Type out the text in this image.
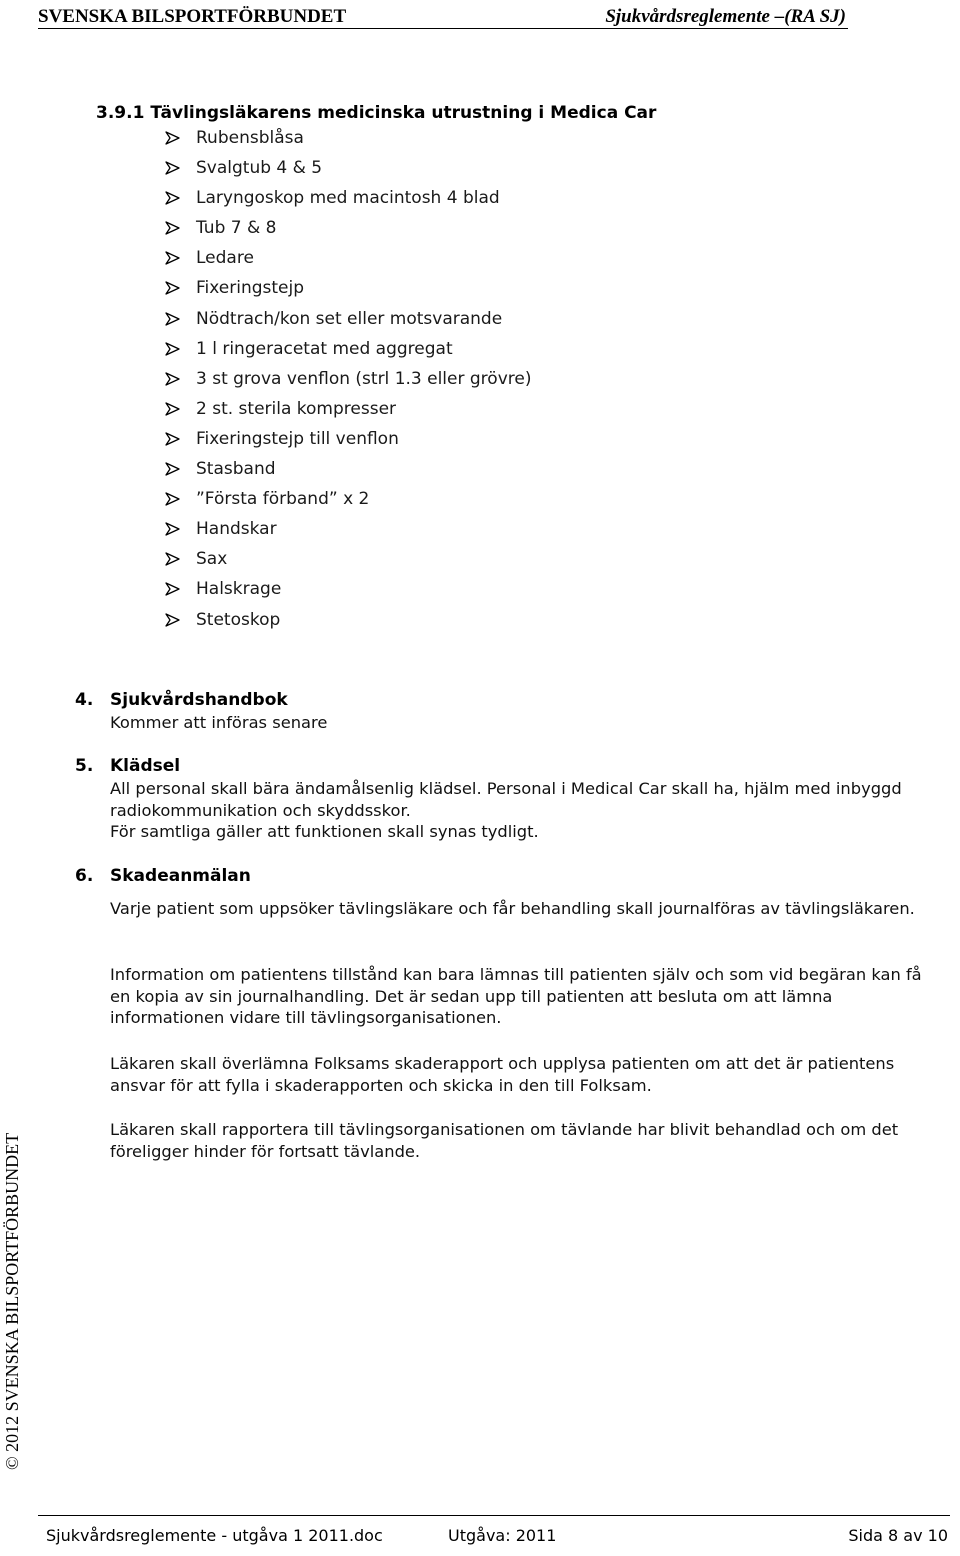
SVENSKA BILSPORTFÖRBUNDET	Sjukvårdsreglemente –(RA SJ)
3.9.1 Tävlingsläkarens medicinska utrustning i Medica Car
Rubensblåsa
Svalgtub 4 & 5
Laryngoskop med macintosh 4 blad
Tub 7 & 8
Ledare
Fixeringstejp
Nödtrach/kon set eller motsvarande
1 l ringeracetat med aggregat
3 st grova venflon (strl 1.3 eller grövre)
2 st. sterila kompresser
Fixeringstejp till venflon
Stasband
”Första förband” x 2
Handskar
Sax
Halskrage
Stetoskop
4. Sjukvårdshandbok
Kommer att införas senare
5. Klädsel
All personal skall bära ändamålsenlig klädsel. Personal i Medical Car skall ha, hjälm med inbyggd radiokommunikation och skyddsskor.
För samtliga gäller att funktionen skall synas tydligt.
6. Skadeanmälan
Varje patient som uppsöker tävlingsläkare och får behandling skall journalföras av tävlingsläkaren.
Information om patientens tillstånd kan bara lämnas till patienten själv och som vid begäran kan få en kopia av sin journalhandling. Det är sedan upp till patienten att besluta om att lämna informationen vidare till tävlingsorganisationen.
Läkaren skall överlämna Folksams skaderapport och upplysa patienten om att det är patientens ansvar för att fylla i skaderapporten och skicka in den till Folksam.
Läkaren skall rapportera till tävlingsorganisationen om tävlande har blivit behandlad och om det föreligger hinder för fortsatt tävlande.
© 2012 SVENSKA BILSPORTFÖRBUNDET
Sjukvårdsreglemente - utgåva 1 2011.doc	Utgåva: 2011	Sida 8 av 10
